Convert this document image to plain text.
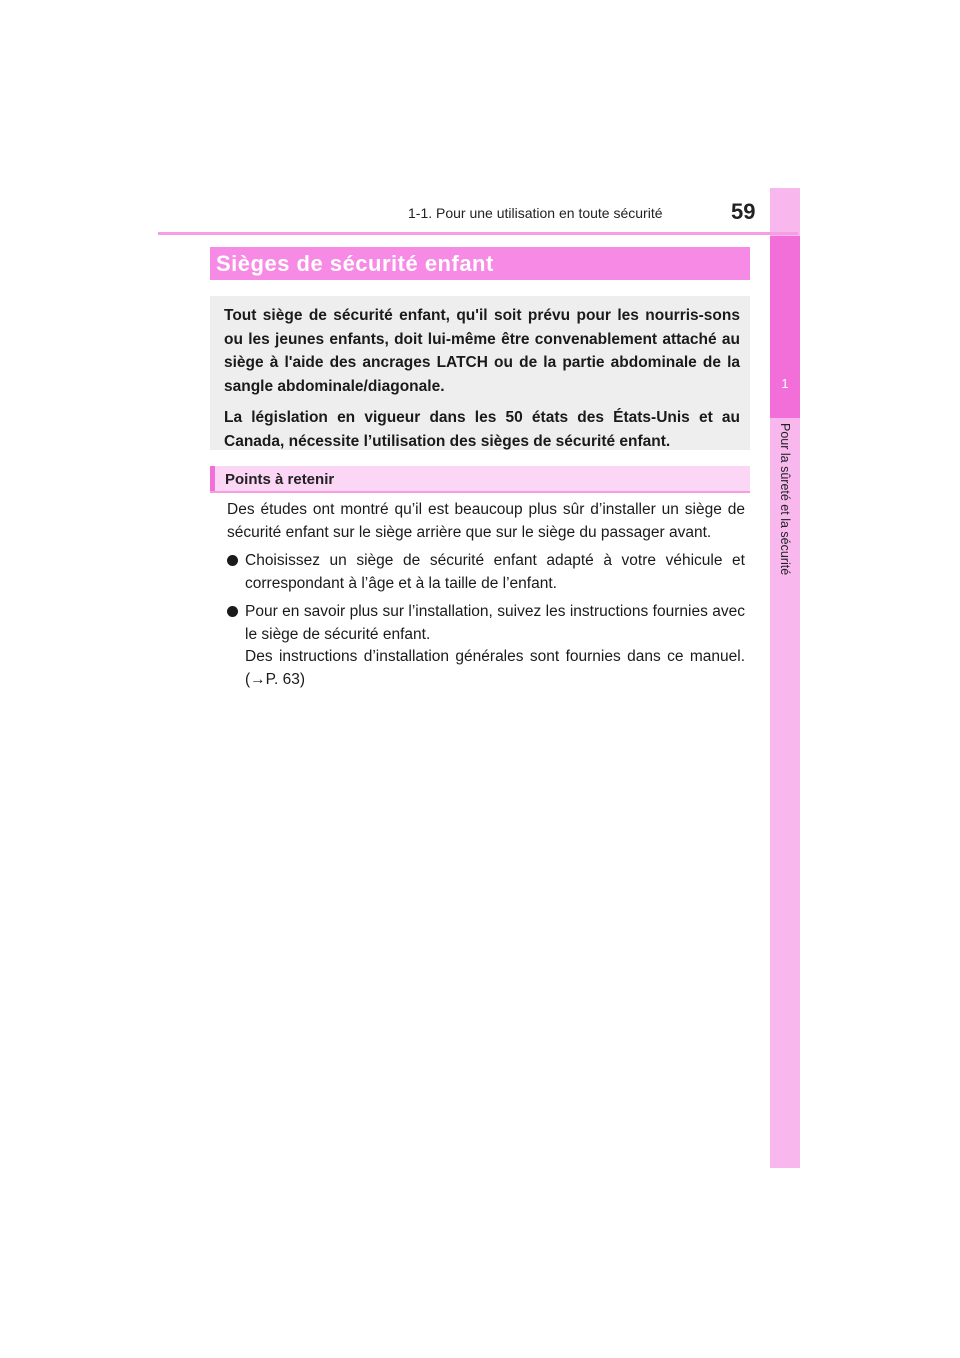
1
Pour la sûreté et la sécurité
1-1. Pour une utilisation en toute sécurité	59
Sièges de sécurité enfant

Tout siège de sécurité enfant, qu'il soit prévu pour les nourris-sons ou les jeunes enfants, doit lui-même être convenablement attaché au siège à l'aide des ancrages LATCH ou de la partie abdominale de la sangle abdominale/diagonale.

La législation en vigueur dans les 50 états des États-Unis et au Canada, nécessite l’utilisation des sièges de sécurité enfant.

Points à retenir

Des études ont montré qu’il est beaucoup plus sûr d’installer un siège de sécurité enfant sur le siège arrière que sur le siège du passager avant.

Choisissez un siège de sécurité enfant adapté à votre véhicule et correspondant à l’âge et à la taille de l’enfant.

Pour en savoir plus sur l’installation, suivez les instructions fournies avec le siège de sécurité enfant.

Des instructions d’installation générales sont fournies dans ce manuel. (→P. 63)
